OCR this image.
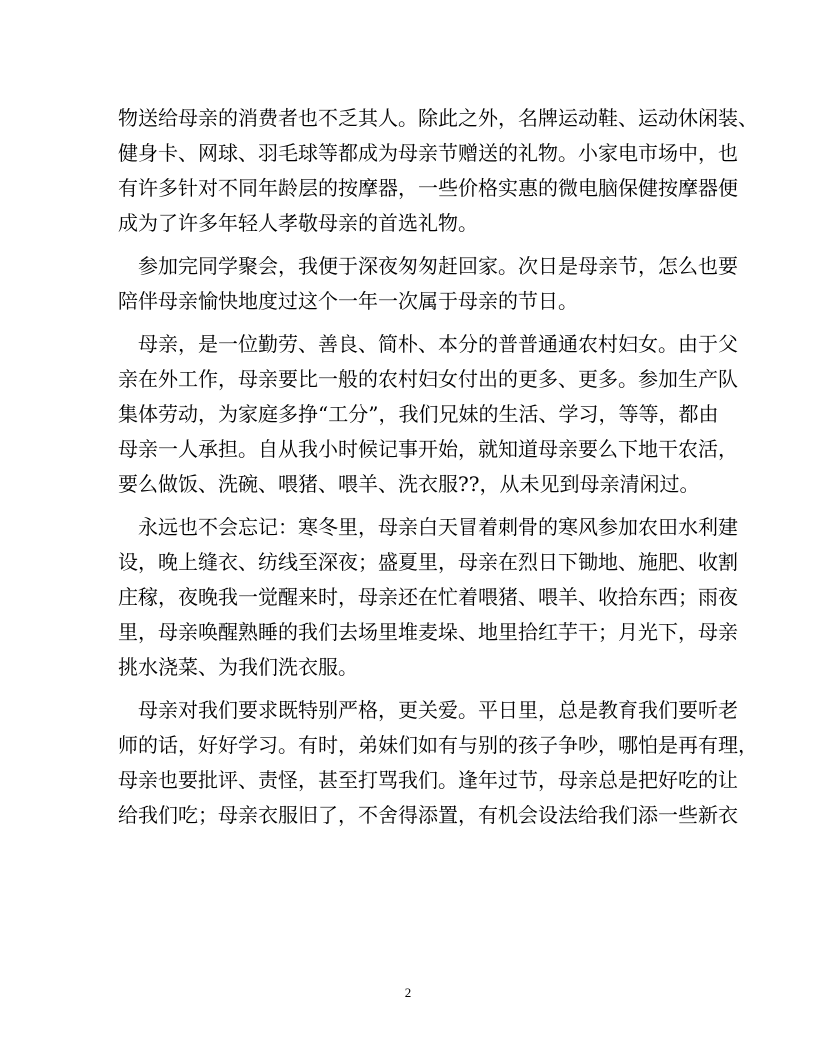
物送给母亲的消费者也不乏其人。除此之外，名牌运动鞋、运动休闲装、
健身卡、网球、羽毛球等都成为母亲节赠送的礼物。小家电市场中，也
有许多针对不同年龄层的按摩器，一些价格实惠的微电脑保健按摩器便
成为了许多年轻人孝敬母亲的首选礼物。

参加完同学聚会，我便于深夜匆匆赶回家。次日是母亲节，怎么也要
陪伴母亲愉快地度过这个一年一次属于母亲的节日。

母亲，是一位勤劳、善良、简朴、本分的普普通通农村妇女。由于父
亲在外工作，母亲要比一般的农村妇女付出的更多、更多。参加生产队
集体劳动，为家庭多挣“工分”，我们兄妹的生活、学习，等等，都由
母亲一人承担。自从我小时候记事开始，就知道母亲要么下地干农活，
要么做饭、洗碗、喂猪、喂羊、洗衣服??，从未见到母亲清闲过。

永远也不会忘记：寒冬里，母亲白天冒着刺骨的寒风参加农田水利建
设，晚上缝衣、纺线至深夜；盛夏里，母亲在烈日下锄地、施肥、收割
庄稼，夜晚我一觉醒来时，母亲还在忙着喂猪、喂羊、收拾东西；雨夜
里，母亲唤醒熟睡的我们去场里堆麦垛、地里拾红芋干；月光下，母亲
挑水浇菜、为我们洗衣服。

母亲对我们要求既特别严格，更关爱。平日里，总是教育我们要听老
师的话，好好学习。有时，弟妹们如有与别的孩子争吵，哪怕是再有理，
母亲也要批评、责怪，甚至打骂我们。逢年过节，母亲总是把好吃的让
给我们吃；母亲衣服旧了，不舍得添置，有机会设法给我们添一些新衣

2
